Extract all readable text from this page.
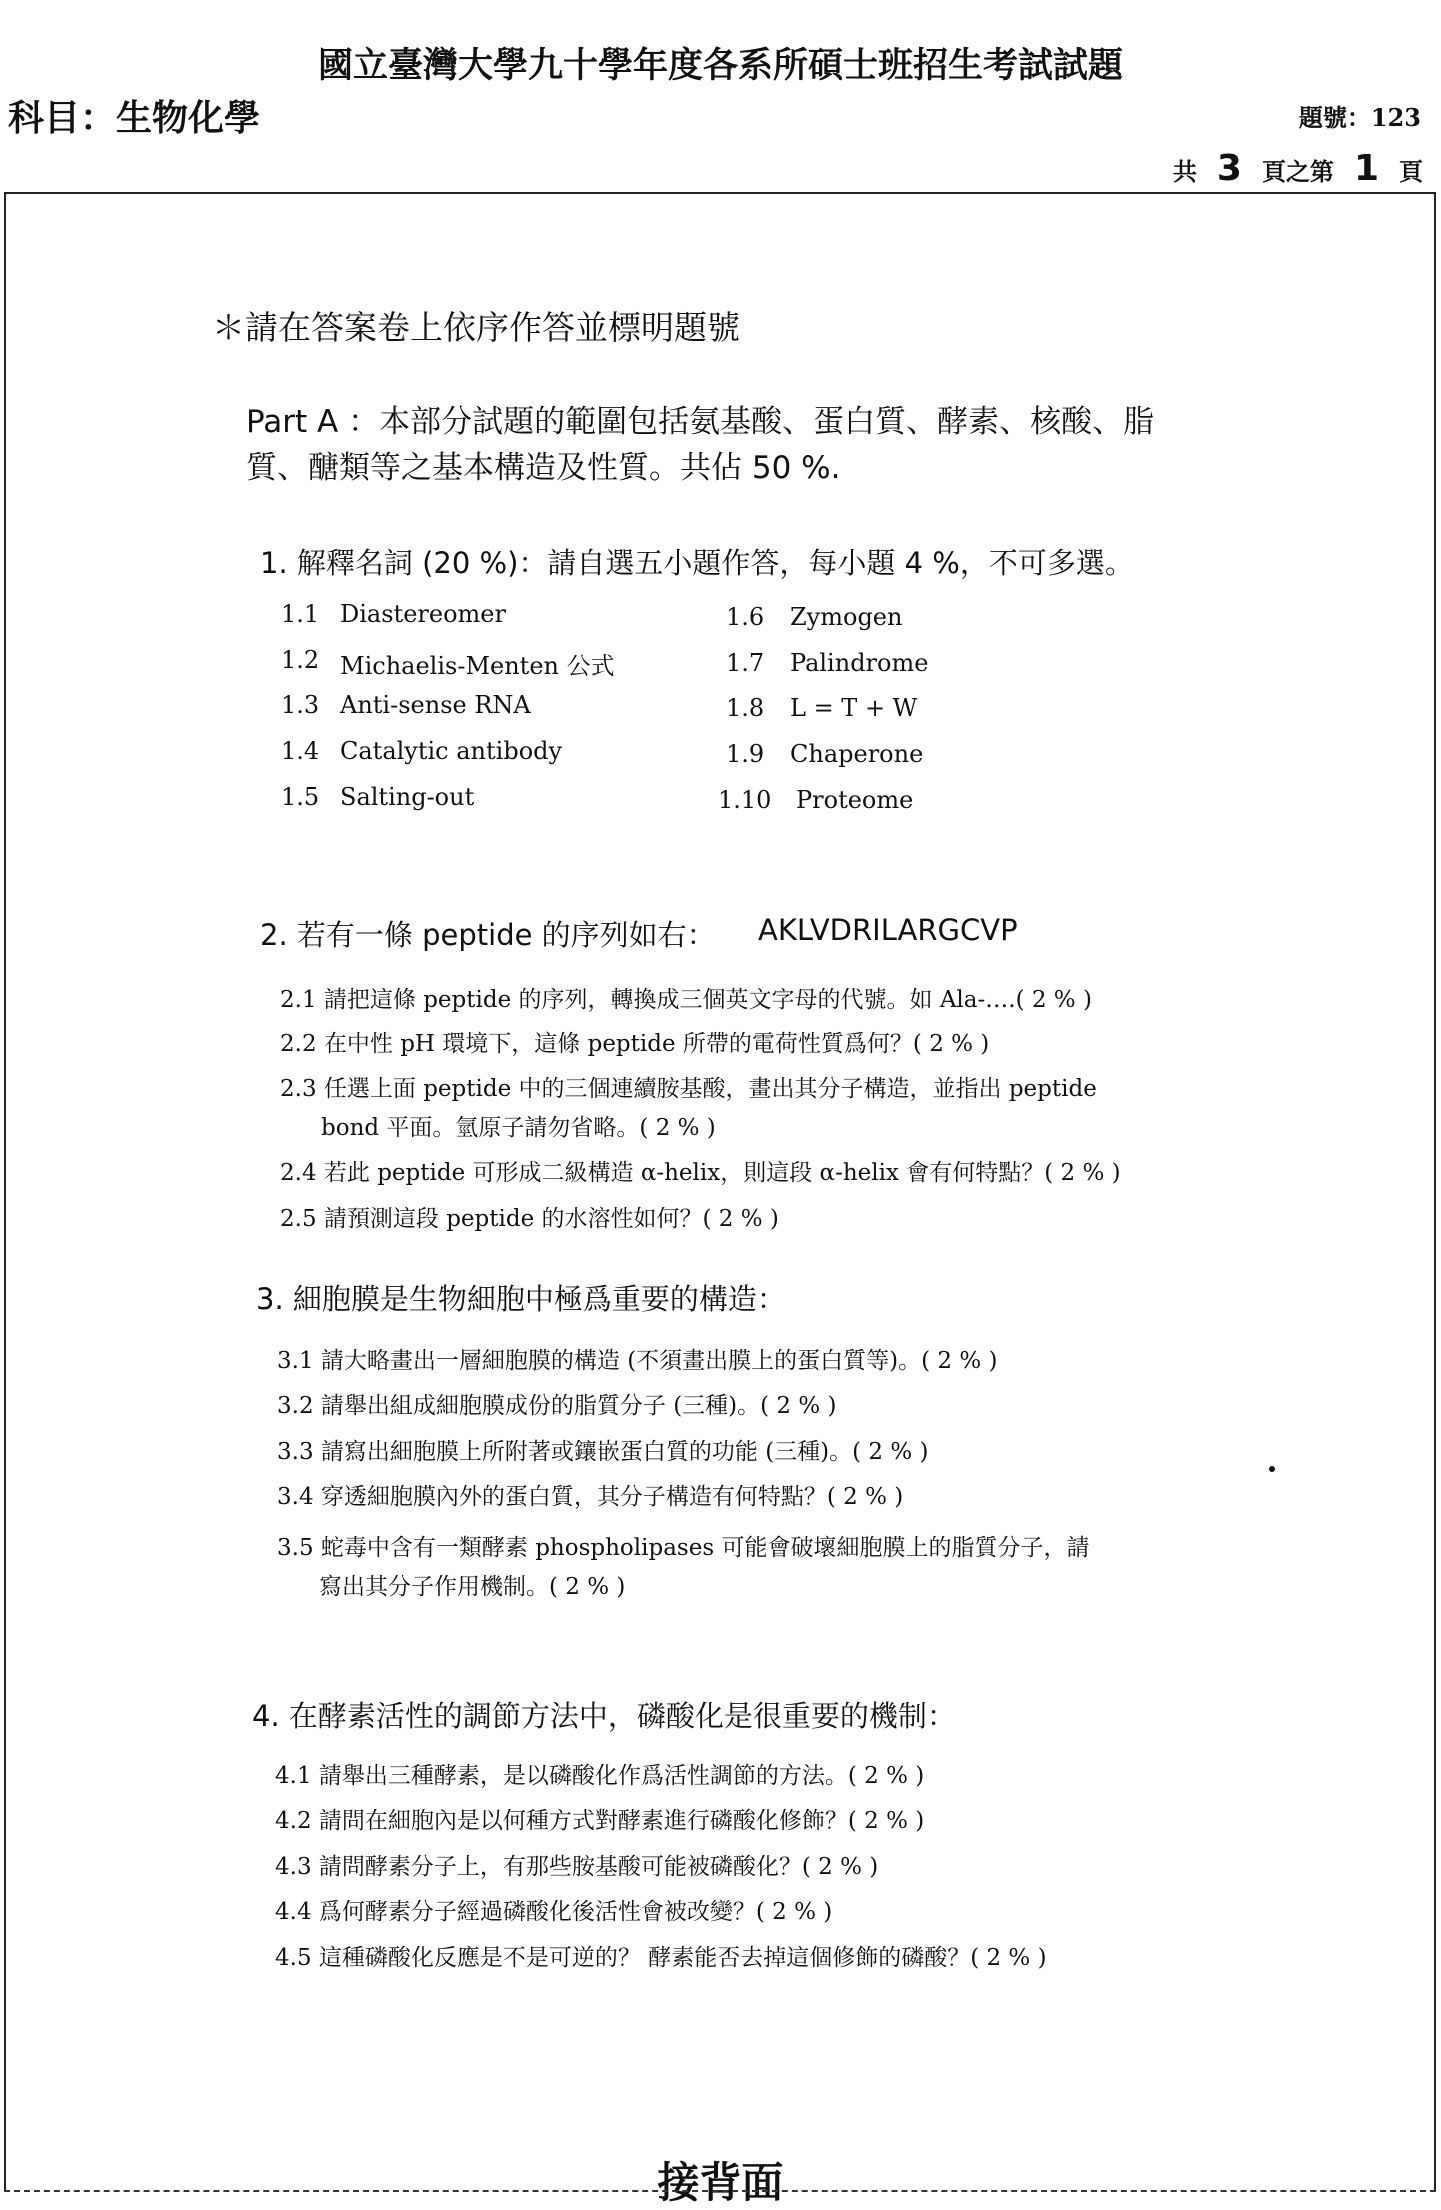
國立臺灣大學九十學年度各系所碩士班招生考試試題
科目：生物化學	題號：123
共 3 頁之第 1 頁
＊請在答案卷上依序作答並標明題號
Part A ：本部分試題的範圍包括氨基酸、蛋白質、酵素、核酸、脂
質、醣類等之基本構造及性質。共佔 50 %.
1. 解釋名詞 (20 %)：請自選五小題作答，每小題 4 %，不可多選。
1.1 Diastereomer
1.2 Michaelis-Menten 公式
1.3 Anti-sense RNA
1.4 Catalytic antibody
1.5 Salting-out
1.6 Zymogen
1.7 Palindrome
1.8 L = T + W
1.9 Chaperone
1.10 Proteome
2. 若有一條 peptide 的序列如右： AKLVDRILARGCVP
2.1 請把這條 peptide 的序列，轉換成三個英文字母的代號。如 Ala-….( 2 % )
2.2 在中性 pH 環境下，這條 peptide 所帶的電荷性質爲何？( 2 % )
2.3 任選上面 peptide 中的三個連續胺基酸，畫出其分子構造，並指出 peptide
bond 平面。氫原子請勿省略。( 2 % )
2.4 若此 peptide 可形成二級構造 α-helix，則這段 α-helix 會有何特點？( 2 % )
2.5 請預測這段 peptide 的水溶性如何？( 2 % )
3. 細胞膜是生物細胞中極爲重要的構造：
3.1 請大略畫出一層細胞膜的構造 (不須畫出膜上的蛋白質等)。( 2 % )
3.2 請舉出組成細胞膜成份的脂質分子 (三種)。( 2 % )
3.3 請寫出細胞膜上所附著或鑲嵌蛋白質的功能 (三種)。( 2 % )
3.4 穿透細胞膜內外的蛋白質，其分子構造有何特點？( 2 % )
3.5 蛇毒中含有一類酵素 phospholipases 可能會破壞細胞膜上的脂質分子，請
寫出其分子作用機制。( 2 % )
4. 在酵素活性的調節方法中，磷酸化是很重要的機制：
4.1 請舉出三種酵素，是以磷酸化作爲活性調節的方法。( 2 % )
4.2 請問在細胞內是以何種方式對酵素進行磷酸化修飾？( 2 % )
4.3 請問酵素分子上，有那些胺基酸可能被磷酸化？( 2 % )
4.4 爲何酵素分子經過磷酸化後活性會被改變？( 2 % )
4.5 這種磷酸化反應是不是可逆的？ 酵素能否去掉這個修飾的磷酸？( 2 % )
接背面
